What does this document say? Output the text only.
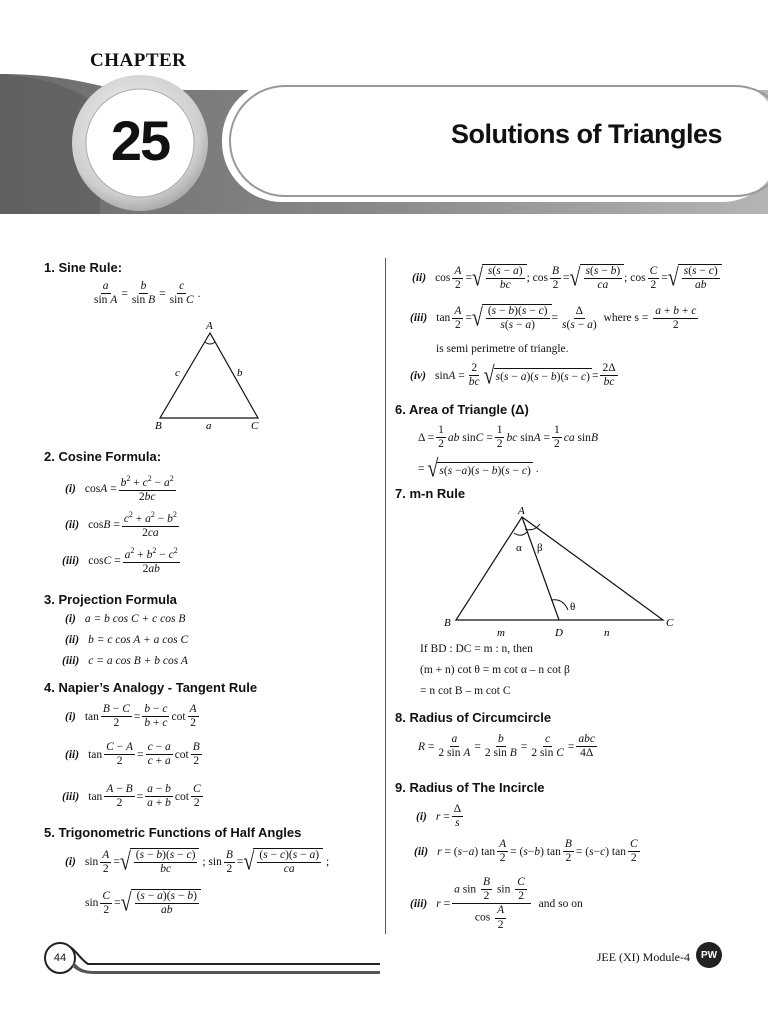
CHAPTER
25	Solutions of Triangles
1. Sine Rule:
a
sin A
=
b
sin B
=
c
sin C
.
A
B	C
a
b
c
2. Cosine Formula:
(i) cos A =
$b^2 + c^2 - a^2$
2bc
(ii) cos B =
$c^2 + a^2 - b^2$
2ca
(iii) cos C =
$a^2 + b^2 - c^2$
2ab
3. Projection Formula
(i) a = b cos C + c cos B
(ii) b = c cos A + a cos C
(iii) c = a cos B + b cos A
4. Napier’s Analogy - Tangent Rule
(i) tan
B − C
2
=
b − c
b + c
cot
A
2
(ii) tan
C − A
2
=
c − a
c + a
cot
B
2
(iii) tan
A − B
2
=
a − b
a + b
cot
C
2
5. Trigonometric Functions of Half Angles
(i) sin
A
2
= √ $\frac{(s - b)(s - c)}{bc}$ ; sin
B
2
= √ $\frac{(s - c)(s - a)}{ca}$ ;
sin
C
2
= √ $\frac{(s - a)(s - b)}{ab}$
(ii) cos
A
2
= √ $\frac{s(s - a)}{bc}$ ; cos
B
2
= √ $\frac{s(s - b)}{ca}$ ; cos
C
2
= √ $\frac{s(s - c)}{ab}$
(iii) tan
A
2
= √ $\frac{(s - b)(s - c)}{s(s - a)}$ =
Δ
s(s − a)

where s =
$\frac{a + b + c}{2}$
is semi perimetre of triangle.
(iv) sin A =
2
bc √ s(s − a)(s − b)(s − c) =
2Δ
bc
6. Area of Triangle (Δ)
Δ =
1
2
ab sin C =
1
2
bc sin A =
1
2
ca sin B
= √ s(s −a)(s − b)(s − c) .
7. m-n Rule
A
B	C
D
m	n
α β
θ
If BD : DC = m : n, then
(m + n) cot θ = m cot α – n cot β
= n cot B – m cot C
8. Radius of Circumcircle
R =
a
2 sin A
=
b
2 sin B
=
c
2 sin C
=
abc
4Δ
9. Radius of The Incircle
(i) r =
Δ
s
(ii) r = ( s − a ) tan
A
2
= ( s − b ) tan
B
2
= ( s − c ) tan
C
2
(iii) r =
a $\sin \frac{B}{2}$ $\sin \frac{C}{2}$
$\cos \frac{A}{2}$

and so on
44	JEE (XI) Module-4 PW
